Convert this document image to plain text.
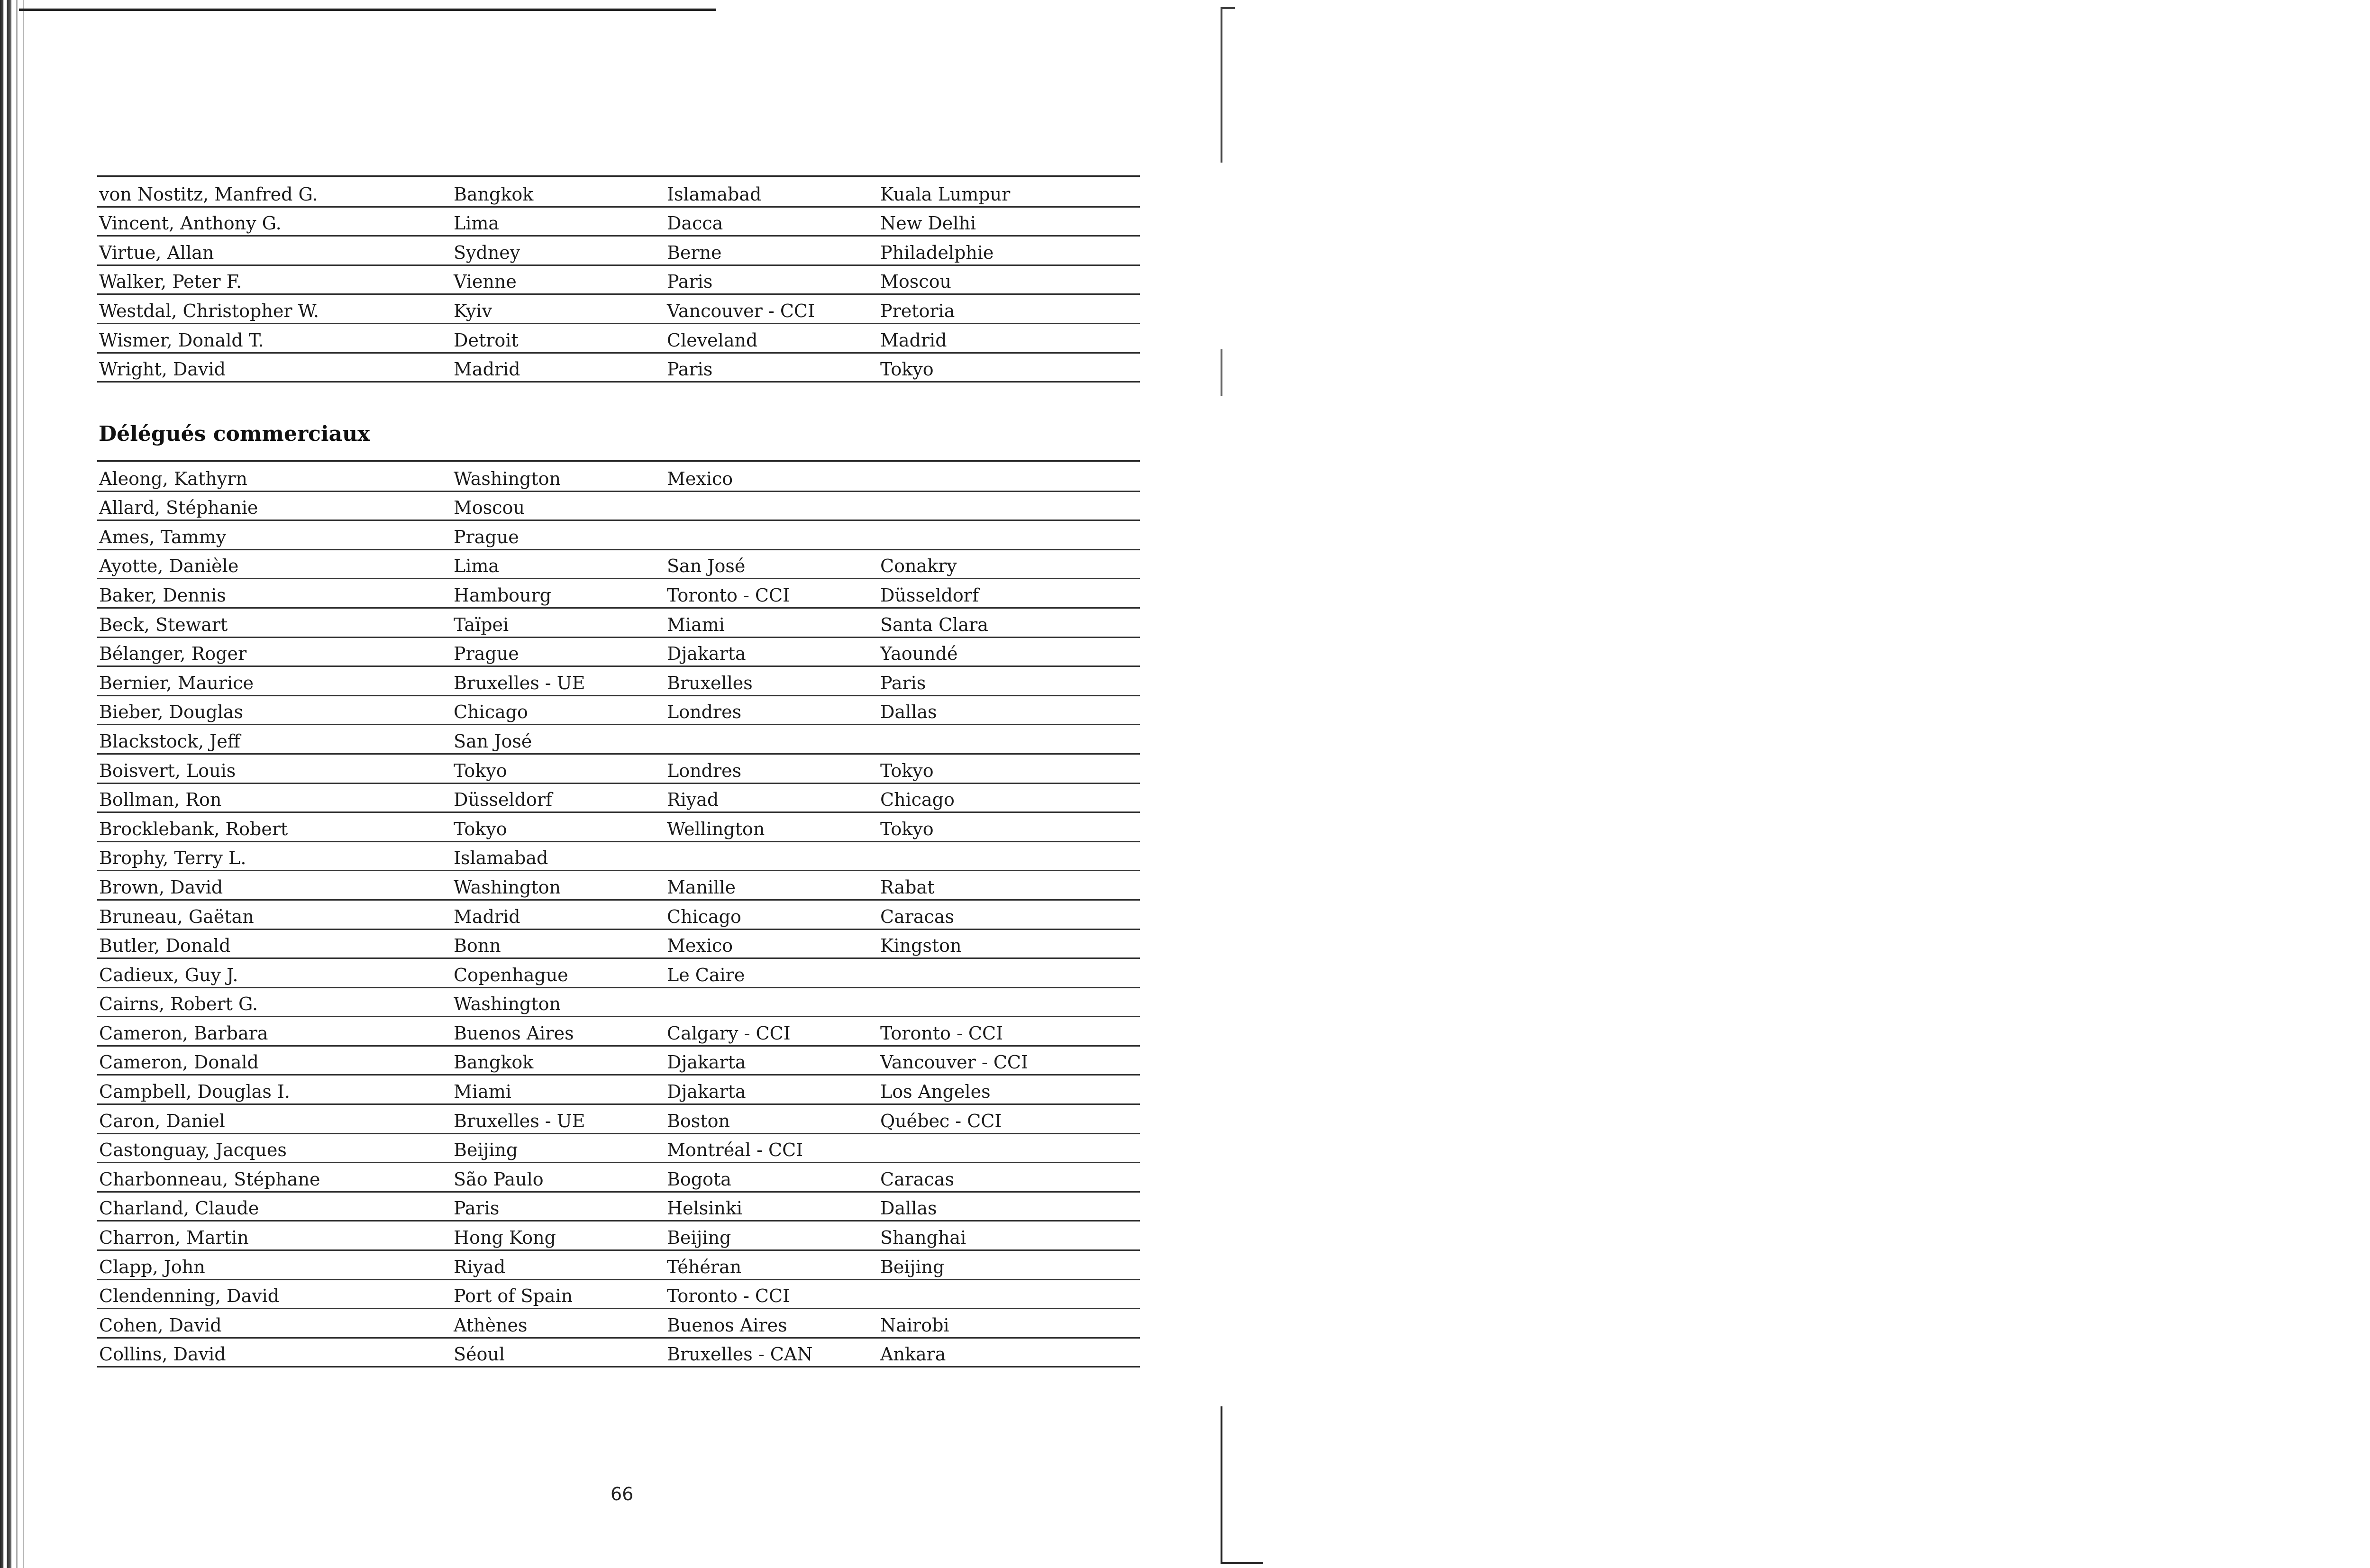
von Nostitz, Manfred G.	Bangkok	Islamabad	Kuala Lumpur
Vincent, Anthony G.	Lima	Dacca	New Delhi
Virtue, Allan	Sydney	Berne	Philadelphie
Walker, Peter F.	Vienne	Paris	Moscou
Westdal, Christopher W.	Kyiv	Vancouver - CCI	Pretoria
Wismer, Donald T.	Detroit	Cleveland	Madrid
Wright, David	Madrid	Paris	Tokyo
Délégués commerciaux
Aleong, Kathyrn	Washington	Mexico
Allard, Stéphanie	Moscou
Ames, Tammy	Prague
Ayotte, Danièle	Lima	San José	Conakry
Baker, Dennis	Hambourg	Toronto - CCI	Düsseldorf
Beck, Stewart	Taïpei	Miami	Santa Clara
Bélanger, Roger	Prague	Djakarta	Yaoundé
Bernier, Maurice	Bruxelles - UE	Bruxelles	Paris
Bieber, Douglas	Chicago	Londres	Dallas
Blackstock, Jeff	San José
Boisvert, Louis	Tokyo	Londres	Tokyo
Bollman, Ron	Düsseldorf	Riyad	Chicago
Brocklebank, Robert	Tokyo	Wellington	Tokyo
Brophy, Terry L.	Islamabad
Brown, David	Washington	Manille	Rabat
Bruneau, Gaëtan	Madrid	Chicago	Caracas
Butler, Donald	Bonn	Mexico	Kingston
Cadieux, Guy J.	Copenhague	Le Caire
Cairns, Robert G.	Washington
Cameron, Barbara	Buenos Aires	Calgary - CCI	Toronto - CCI
Cameron, Donald	Bangkok	Djakarta	Vancouver - CCI
Campbell, Douglas I.	Miami	Djakarta	Los Angeles
Caron, Daniel	Bruxelles - UE	Boston	Québec - CCI
Castonguay, Jacques	Beijing	Montréal - CCI
Charbonneau, Stéphane	São Paulo	Bogota	Caracas
Charland, Claude	Paris	Helsinki	Dallas
Charron, Martin	Hong Kong	Beijing	Shanghai
Clapp, John	Riyad	Téhéran	Beijing
Clendenning, David	Port of Spain	Toronto - CCI
Cohen, David	Athènes	Buenos Aires	Nairobi
Collins, David	Séoul	Bruxelles - CAN	Ankara
66
